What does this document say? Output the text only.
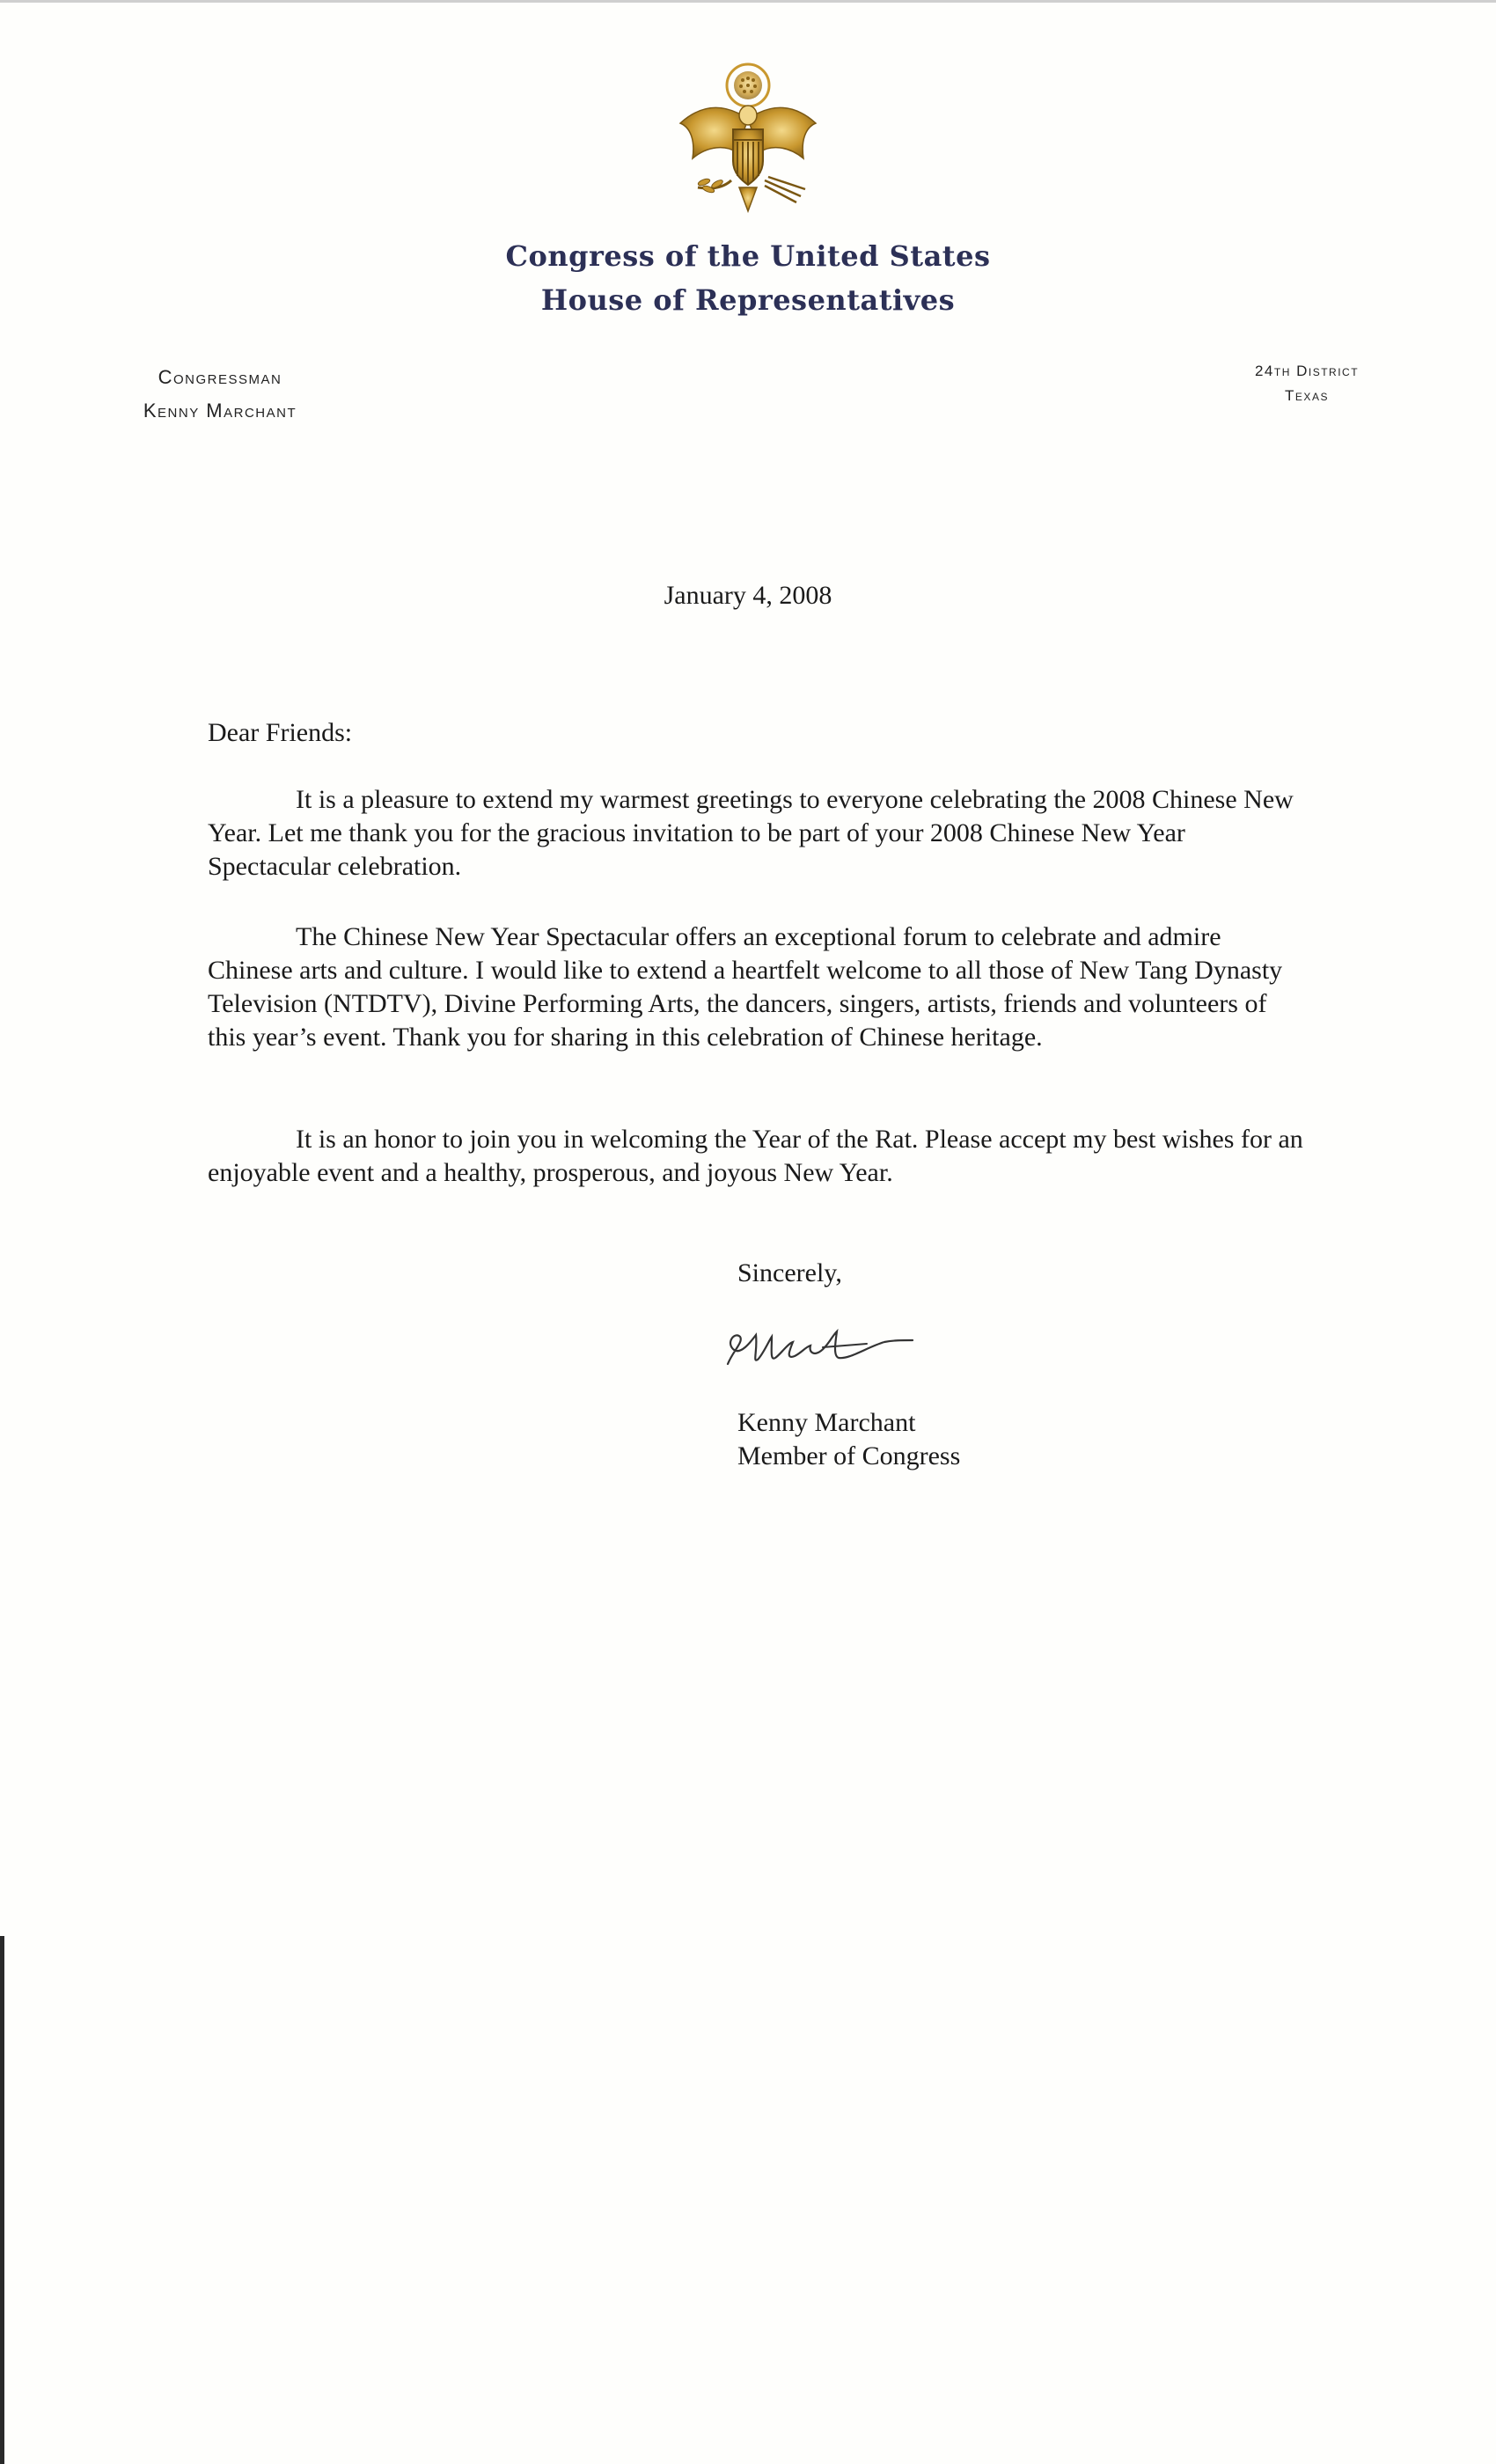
Congress of the United States
House of Representatives
Congressman
Kenny Marchant
24th District
Texas
January 4, 2008
Dear Friends:

It is a pleasure to extend my warmest greetings to everyone celebrating the 2008 Chinese New Year. Let me thank you for the gracious invitation to be part of your 2008 Chinese New Year Spectacular celebration.

The Chinese New Year Spectacular offers an exceptional forum to celebrate and admire Chinese arts and culture. I would like to extend a heartfelt welcome to all those of New Tang Dynasty Television (NTDTV), Divine Performing Arts, the dancers, singers, artists, friends and volunteers of this year’s event. Thank you for sharing in this celebration of Chinese heritage.

It is an honor to join you in welcoming the Year of the Rat. Please accept my best wishes for an enjoyable event and a healthy, prosperous, and joyous New Year.

Sincerely,
Kenny Marchant
Member of Congress
